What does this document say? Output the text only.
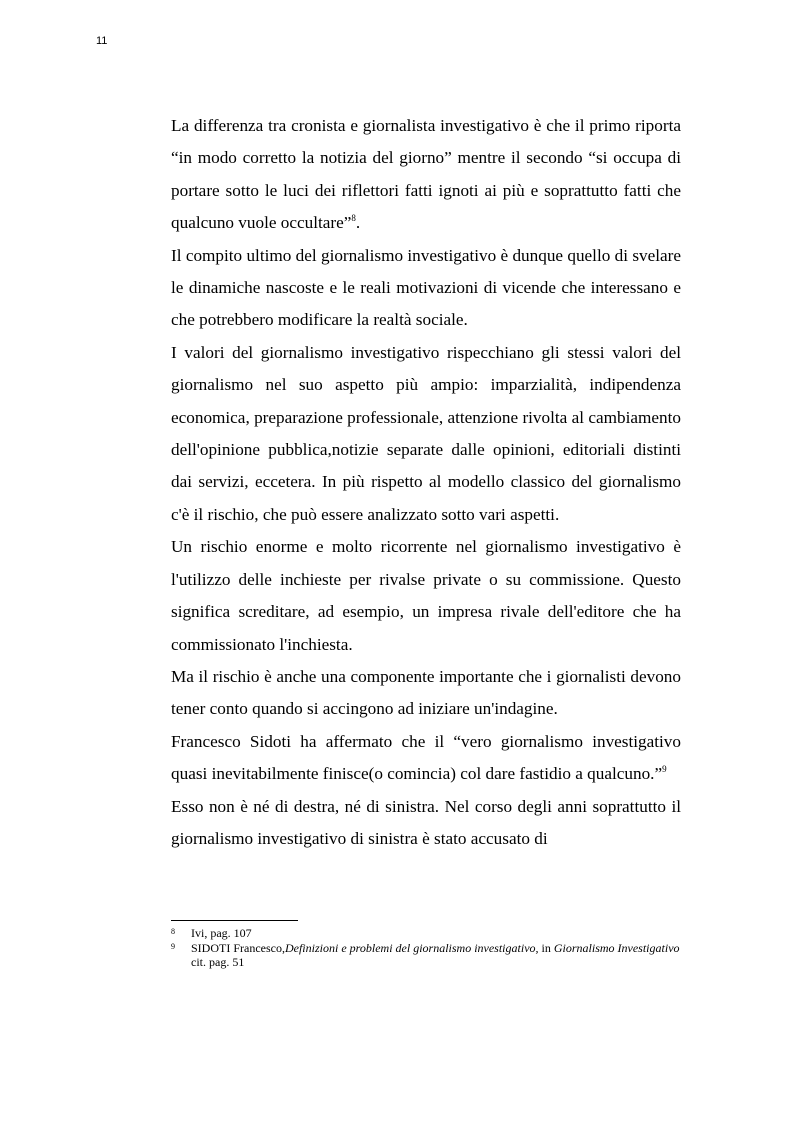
11

La differenza tra cronista e giornalista investigativo è che il primo riporta “in modo corretto la notizia del giorno” mentre il secondo “si occupa di portare sotto le luci dei riflettori fatti ignoti ai più e soprattutto fatti che qualcuno vuole occultare”$^8$.

Il compito ultimo del giornalismo investigativo è dunque quello di svelare le dinamiche nascoste e le reali motivazioni di vicende che interessano e che potrebbero modificare la realtà sociale.

I valori del giornalismo investigativo rispecchiano gli stessi valori del giornalismo nel suo aspetto più ampio: imparzialità, indipendenza economica, preparazione professionale, attenzione rivolta al cambiamento dell'opinione pubblica,notizie separate dalle opinioni, editoriali distinti dai servizi, eccetera. In più rispetto al modello classico del giornalismo c'è il rischio, che può essere analizzato sotto vari aspetti.

Un rischio enorme e molto ricorrente nel giornalismo investigativo è l'utilizzo delle inchieste per rivalse private o su commissione. Questo significa screditare, ad esempio, un impresa rivale dell'editore che ha commissionato l'inchiesta.

Ma il rischio è anche una componente importante che i giornalisti devono tener conto quando si accingono ad iniziare un'indagine.

Francesco Sidoti ha affermato che il “vero giornalismo investigativo quasi inevitabilmente finisce(o comincia) col dare fastidio a qualcuno.”$^9$

Esso non è né di destra, né di sinistra. Nel corso degli anni soprattutto il giornalismo investigativo di sinistra è stato accusato di

8 Ivi, pag. 107

9 SIDOTI Francesco,Definizioni e problemi del giornalismo investigativo, in Giornalismo Investigativo cit. pag. 51
